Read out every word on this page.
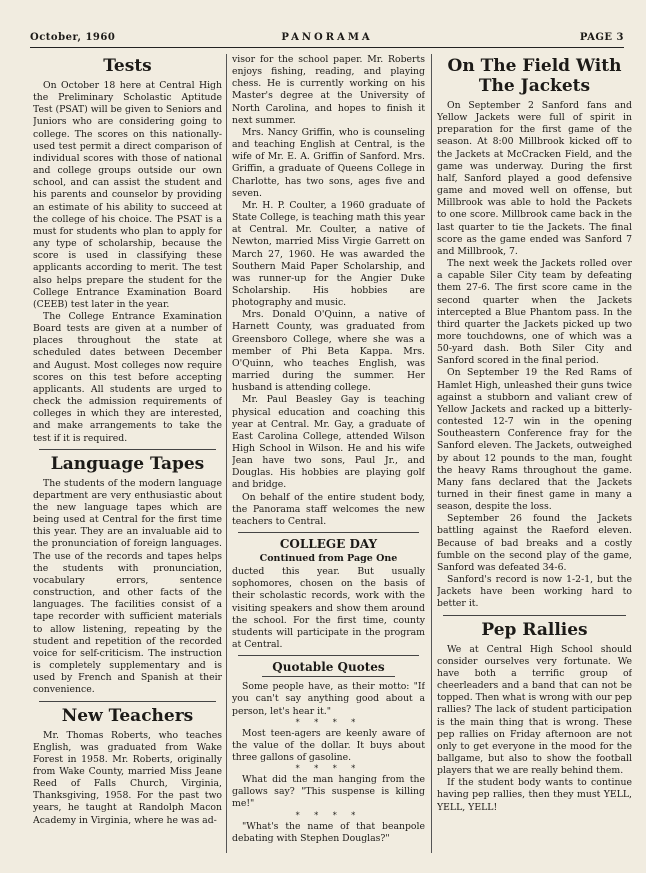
October, 1960	PANORAMA	PAGE 3
Tests

On October 18 here at Central High the Preliminary Scholastic Aptitude Test (PSAT) will be given to Seniors and Juniors who are considering going to college. The scores on this nationally-used test permit a direct comparison of individual scores with those of national and college groups outside our own school, and can assist the student and his parents and counselor by providing an estimate of his ability to succeed at the college of his choice. The PSAT is a must for students who plan to apply for any type of scholarship, because the score is used in classifying these applicants according to merit. The test also helps prepare the student for the College Entrance Examination Board (CEEB) test later in the year.

The College Entrance Examination Board tests are given at a number of places throughout the state at scheduled dates between December and August. Most colleges now require scores on this test before accepting applicants. All students are urged to check the admission requirements of colleges in which they are interested, and make arrangements to take the test if it is required.

Language Tapes

The students of the modern language department are very enthusiastic about the new language tapes which are being used at Central for the first time this year. They are an invaluable aid to the pronunciation of foreign languages. The use of the records and tapes helps the students with pronunciation, vocabulary errors, sentence construction, and other facts of the languages. The facilities consist of a tape recorder with sufficient materials to allow listening, repeating by the student and repetition of the recorded voice for self-criticism. The instruction is completely supplementary and is used by French and Spanish at their convenience.

New Teachers

Mr. Thomas Roberts, who teaches English, was graduated from Wake Forest in 1958. Mr. Roberts, originally from Wake County, married Miss Jeane Reed of Falls Church, Virginia, Thanksgiving, 1958. For the past two years, he taught at Randolph Macon Academy in Virginia, where he was ad-

visor for the school paper. Mr. Roberts enjoys fishing, reading, and playing chess. He is currently working on his Master's degree at the University of North Carolina, and hopes to finish it next summer.

Mrs. Nancy Griffin, who is counseling and teaching English at Central, is the wife of Mr. E. A. Griffin of Sanford. Mrs. Griffin, a graduate of Queens College in Charlotte, has two sons, ages five and seven.

Mr. H. P. Coulter, a 1960 graduate of State College, is teaching math this year at Central. Mr. Coulter, a native of Newton, married Miss Virgie Garrett on March 27, 1960. He was awarded the Southern Maid Paper Scholarship, and was runner-up for the Angier Duke Scholarship. His hobbies are photography and music.

Mrs. Donald O'Quinn, a native of Harnett County, was graduated from Greensboro College, where she was a member of Phi Beta Kappa. Mrs. O'Quinn, who teaches English, was married during the summer. Her husband is attending college.

Mr. Paul Beasley Gay is teaching physical education and coaching this year at Central. Mr. Gay, a graduate of East Carolina College, attended Wilson High School in Wilson. He and his wife Jean have two sons, Paul Jr., and Douglas. His hobbies are playing golf and bridge.

On behalf of the entire student body, the Panorama staff welcomes the new teachers to Central.

COLLEGE DAY
Continued from Page One

ducted this year. But usually sophomores, chosen on the basis of their scholastic records, work with the visiting speakers and show them around the school. For the first time, county students will participate in the program at Central.

Quotable Quotes

Some people have, as their motto: "If you can't say anything good about a person, let's hear it."

* * * *

Most teen-agers are keenly aware of the value of the dollar. It buys about three gallons of gasoline.

* * * *

What did the man hanging from the gallows say? "This suspense is killing me!"

* * * *

"What's the name of that beanpole debating with Stephen Douglas?"

On The Field With The Jackets

On September 2 Sanford fans and Yellow Jackets were full of spirit in preparation for the first game of the season. At 8:00 Millbrook kicked off to the Jackets at McCracken Field, and the game was underway. During the first half, Sanford played a good defensive game and moved well on offense, but Millbrook was able to hold the Packets to one score. Millbrook came back in the last quarter to tie the Jackets. The final score as the game ended was Sanford 7 and Millbrook, 7.

The next week the Jackets rolled over a capable Siler City team by defeating them 27-6. The first score came in the second quarter when the Jackets intercepted a Blue Phantom pass. In the third quarter the Jackets picked up two more touchdowns, one of which was a 50-yard dash. Both Siler City and Sanford scored in the final period.

On September 19 the Red Rams of Hamlet High, unleashed their guns twice against a stubborn and valiant crew of Yellow Jackets and racked up a bitterly-contested 12-7 win in the opening Southeastern Conference fray for the Sanford eleven. The Jackets, outweighed by about 12 pounds to the man, fought the heavy Rams throughout the game. Many fans declared that the Jackets turned in their finest game in many a season, despite the loss.

September 26 found the Jackets battling against the Raeford eleven. Because of bad breaks and a costly fumble on the second play of the game, Sanford was defeated 34-6.

Sanford's record is now 1-2-1, but the Jackets have been working hard to better it.

Pep Rallies

We at Central High School should consider ourselves very fortunate. We have both a terrific group of cheerleaders and a band that can not be topped. Then what is wrong with our pep rallies? The lack of student participation is the main thing that is wrong. These pep rallies on Friday afternoon are not only to get everyone in the mood for the ballgame, but also to show the football players that we are really behind them.

If the student body wants to continue having pep rallies, then they must YELL, YELL, YELL!
